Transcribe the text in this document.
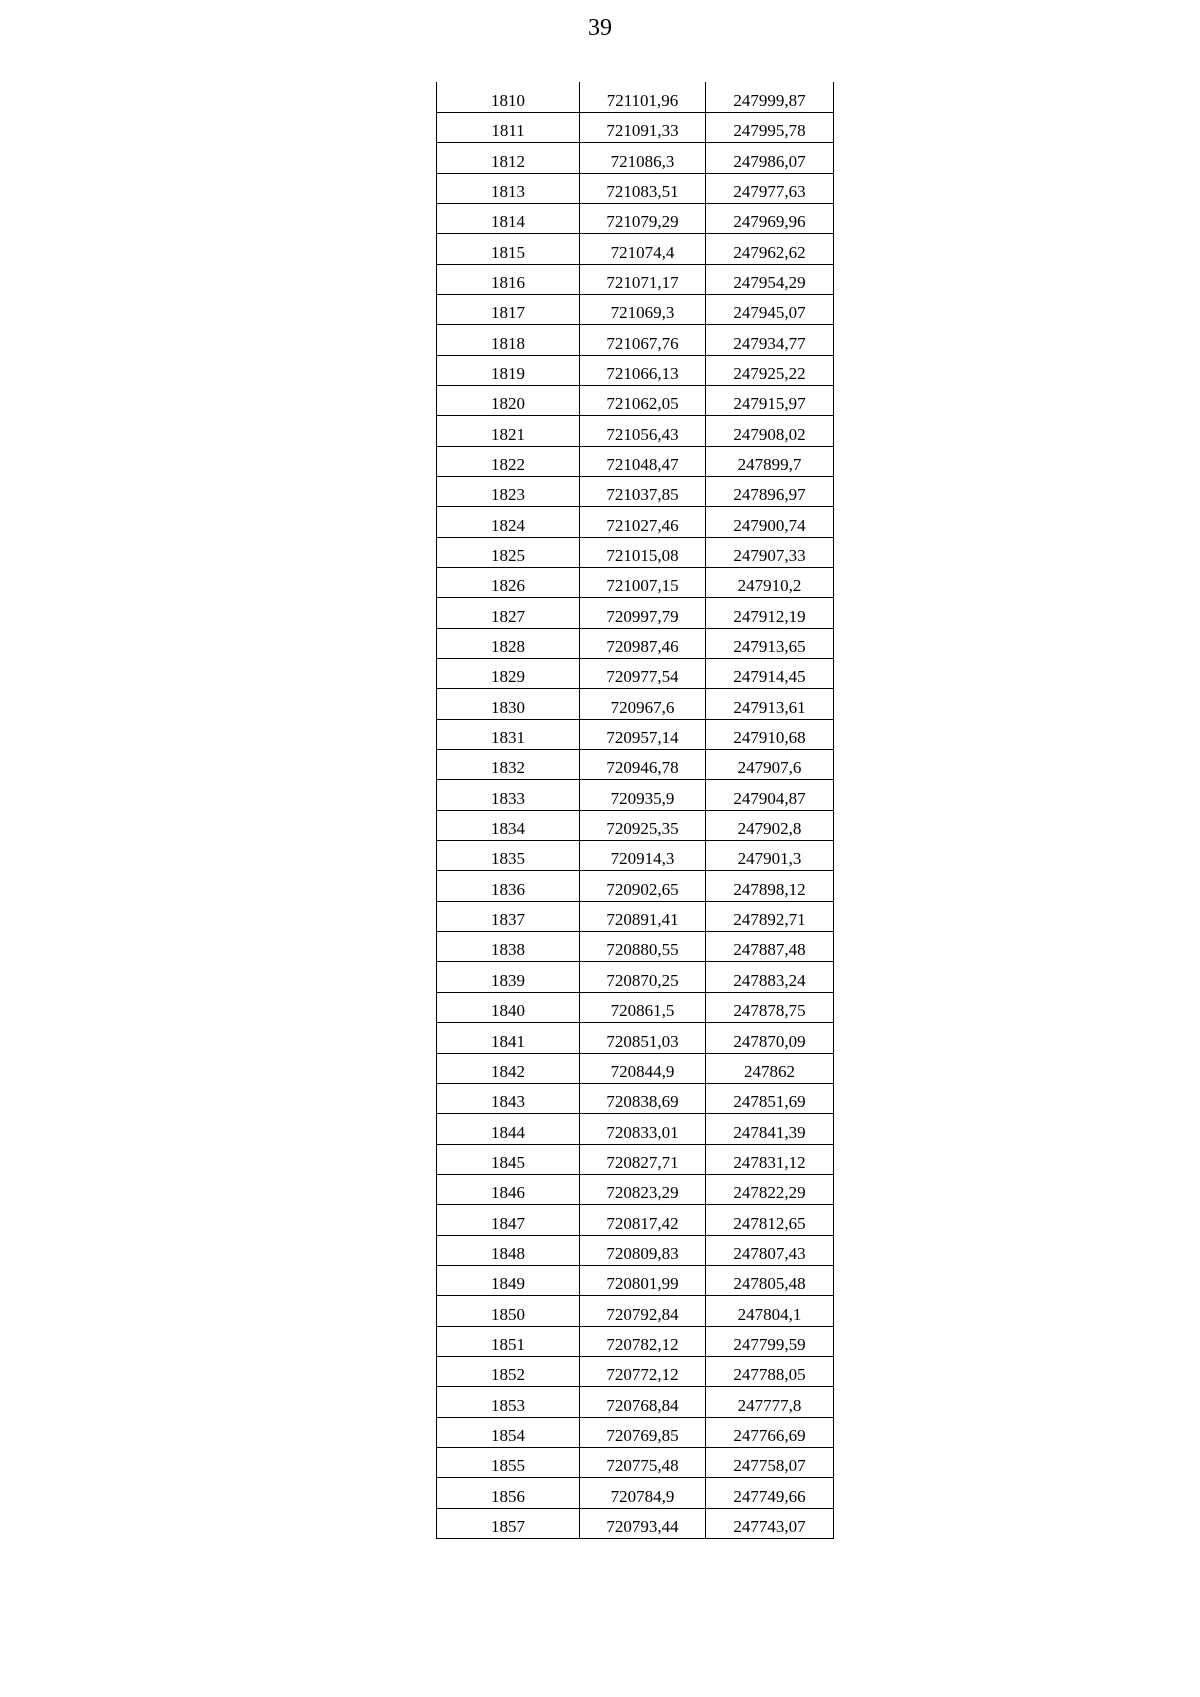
39
1810	721101,96	247999,87
1811	721091,33	247995,78
1812	721086,3	247986,07
1813	721083,51	247977,63
1814	721079,29	247969,96
1815	721074,4	247962,62
1816	721071,17	247954,29
1817	721069,3	247945,07
1818	721067,76	247934,77
1819	721066,13	247925,22
1820	721062,05	247915,97
1821	721056,43	247908,02
1822	721048,47	247899,7
1823	721037,85	247896,97
1824	721027,46	247900,74
1825	721015,08	247907,33
1826	721007,15	247910,2
1827	720997,79	247912,19
1828	720987,46	247913,65
1829	720977,54	247914,45
1830	720967,6	247913,61
1831	720957,14	247910,68
1832	720946,78	247907,6
1833	720935,9	247904,87
1834	720925,35	247902,8
1835	720914,3	247901,3
1836	720902,65	247898,12
1837	720891,41	247892,71
1838	720880,55	247887,48
1839	720870,25	247883,24
1840	720861,5	247878,75
1841	720851,03	247870,09
1842	720844,9	247862
1843	720838,69	247851,69
1844	720833,01	247841,39
1845	720827,71	247831,12
1846	720823,29	247822,29
1847	720817,42	247812,65
1848	720809,83	247807,43
1849	720801,99	247805,48
1850	720792,84	247804,1
1851	720782,12	247799,59
1852	720772,12	247788,05
1853	720768,84	247777,8
1854	720769,85	247766,69
1855	720775,48	247758,07
1856	720784,9	247749,66
1857	720793,44	247743,07
